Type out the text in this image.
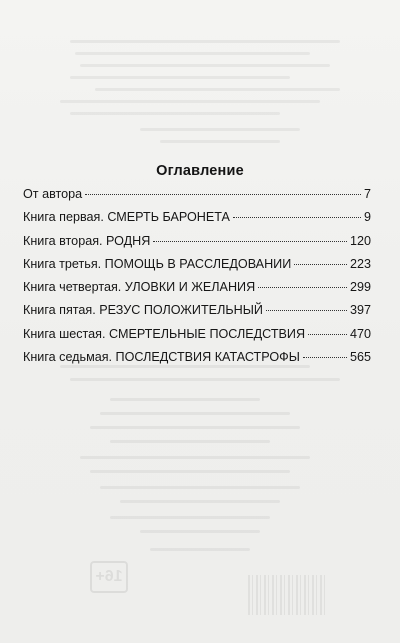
16+
Оглавление
От автора	7
Книга первая. СМЕРТЬ БАРОНЕТА	9
Книга вторая. РОДНЯ	120
Книга третья. ПОМОЩЬ В РАССЛЕДОВАНИИ	223
Книга четвертая. УЛОВКИ И ЖЕЛАНИЯ	299
Книга пятая. РЕЗУС ПОЛОЖИТЕЛЬНЫЙ	397
Книга шестая. СМЕРТЕЛЬНЫЕ ПОСЛЕДСТВИЯ	470
Книга седьмая. ПОСЛЕДСТВИЯ КАТАСТРОФЫ	565
